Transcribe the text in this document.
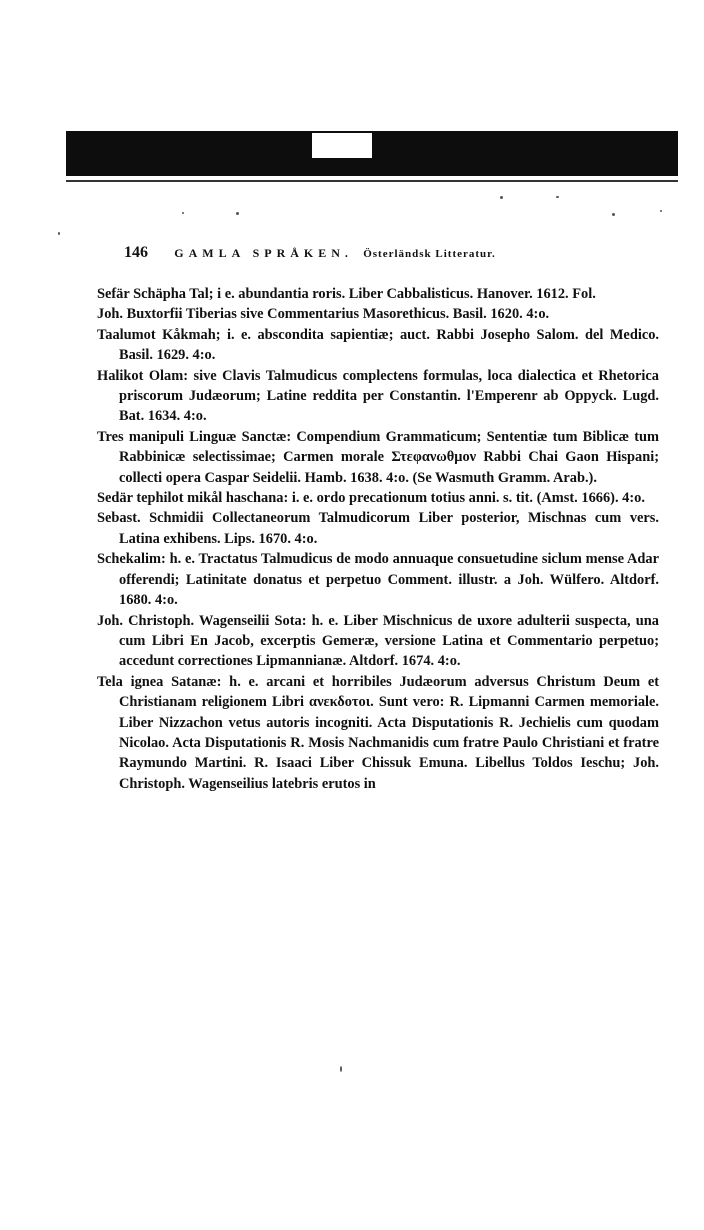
146 GAMLA SPRÅKEN. Österländsk Litteratur.

Sefär Schäpha Tal; i e. abundantia roris. Liber Cabbalisticus. Hanover. 1612. Fol.

Joh. Buxtorfii Tiberias sive Commentarius Masorethicus. Basil. 1620. 4:o.

Taalumot Kåkmah; i. e. abscondita sapientiæ; auct. Rabbi Josepho Salom. del Medico. Basil. 1629. 4:o.

Halikot Olam: sive Clavis Talmudicus complectens formulas, loca dialectica et Rhetorica priscorum Judæorum; Latine reddita per Constantin. l'Emperenr ab Oppyck. Lugd. Bat. 1634. 4:o.

Tres manipuli Linguæ Sanctæ: Compendium Grammaticum; Sententiæ tum Biblicæ tum Rabbinicæ selectissimae; Carmen morale Στεφανωθμον Rabbi Chai Gaon Hispani; collecti opera Caspar Seidelii. Hamb. 1638. 4:o. (Se Wasmuth Gramm. Arab.).

Sedär tephilot mikål haschana: i. e. ordo precationum totius anni. s. tit. (Amst. 1666). 4:o.

Sebast. Schmidii Collectaneorum Talmudicorum Liber posterior, Mischnas cum vers. Latina exhibens. Lips. 1670. 4:o.

Schekalim: h. e. Tractatus Talmudicus de modo annuaque consuetudine siclum mense Adar offerendi; Latinitate donatus et perpetuo Comment. illustr. a Joh. Wülfero. Altdorf. 1680. 4:o.

Joh. Christoph. Wagenseilii Sota: h. e. Liber Mischnicus de uxore adulterii suspecta, una cum Libri En Jacob, excerptis Gemeræ, versione Latina et Commentario perpetuo; accedunt correctiones Lipmannianæ. Altdorf. 1674. 4:o.

Tela ignea Satanæ: h. e. arcani et horribiles Judæorum adversus Christum Deum et Christianam religionem Libri ανεκδοτοι. Sunt vero: R. Lipmanni Carmen memoriale. Liber Nizzachon vetus autoris incogniti. Acta Disputationis R. Jechielis cum quodam Nicolao. Acta Disputationis R. Mosis Nachmanidis cum fratre Paulo Christiani et fratre Raymundo Martini. R. Isaaci Liber Chissuk Emuna. Libellus Toldos Ieschu; Joh. Christoph. Wagenseilius latebris erutos in
